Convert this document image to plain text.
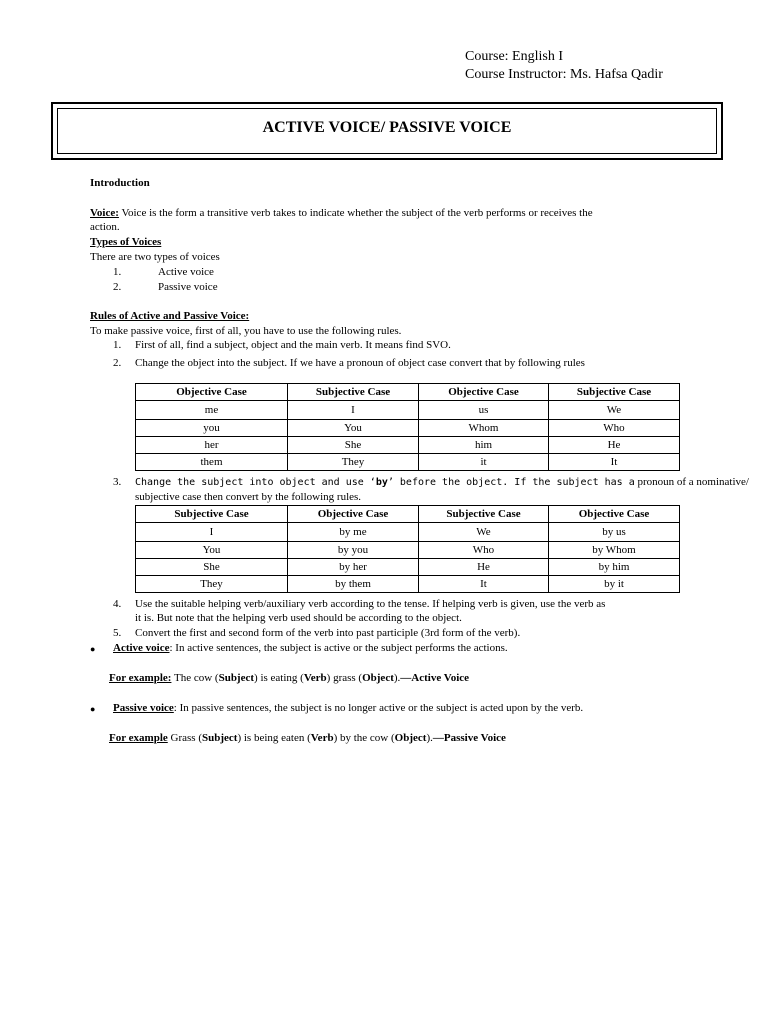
Course: English I
Course Instructor: Ms. Hafsa Qadir
ACTIVE VOICE/ PASSIVE VOICE
Introduction
Voice: Voice is the form a transitive verb takes to indicate whether the subject of the verb performs or receives the
action.
Types of Voices
There are two types of voices
1.	Active voice
2.	Passive voice
Rules of Active and Passive Voice:
To make passive voice, first of all, you have to use the following rules.
1. First of all, find a subject, object and the main verb. It means find SVO.
2. Change the object into the subject. If we have a pronoun of object case convert that by following rules
Objective Case	Subjective Case	Objective Case	Subjective Case
me	I	us	We
you	You	Whom	Who
her	She	him	He
them	They	it	It
3. Change the subject into object and use ‘by’ before the object. If the subject has a pronoun of a nominative/
subjective case then convert by the following rules.
Subjective Case	Objective Case	Subjective Case	Objective Case
I	by me	We	by us
You	by you	Who	by Whom
She	by her	He	by him
They	by them	It	by it
4. Use the suitable helping verb/auxiliary verb according to the tense. If helping verb is given, use the verb as
it is. But note that the helping verb used should be according to the object.
5. Convert the first and second form of the verb into past participle (3rd form of the verb).
● Active voice: In active sentences, the subject is active or the subject performs the actions.
For example: The cow (Subject) is eating (Verb) grass (Object).—Active Voice
● Passive voice: In passive sentences, the subject is no longer active or the subject is acted upon by the verb.
For example Grass (Subject) is being eaten (Verb) by the cow (Object).—Passive Voice
